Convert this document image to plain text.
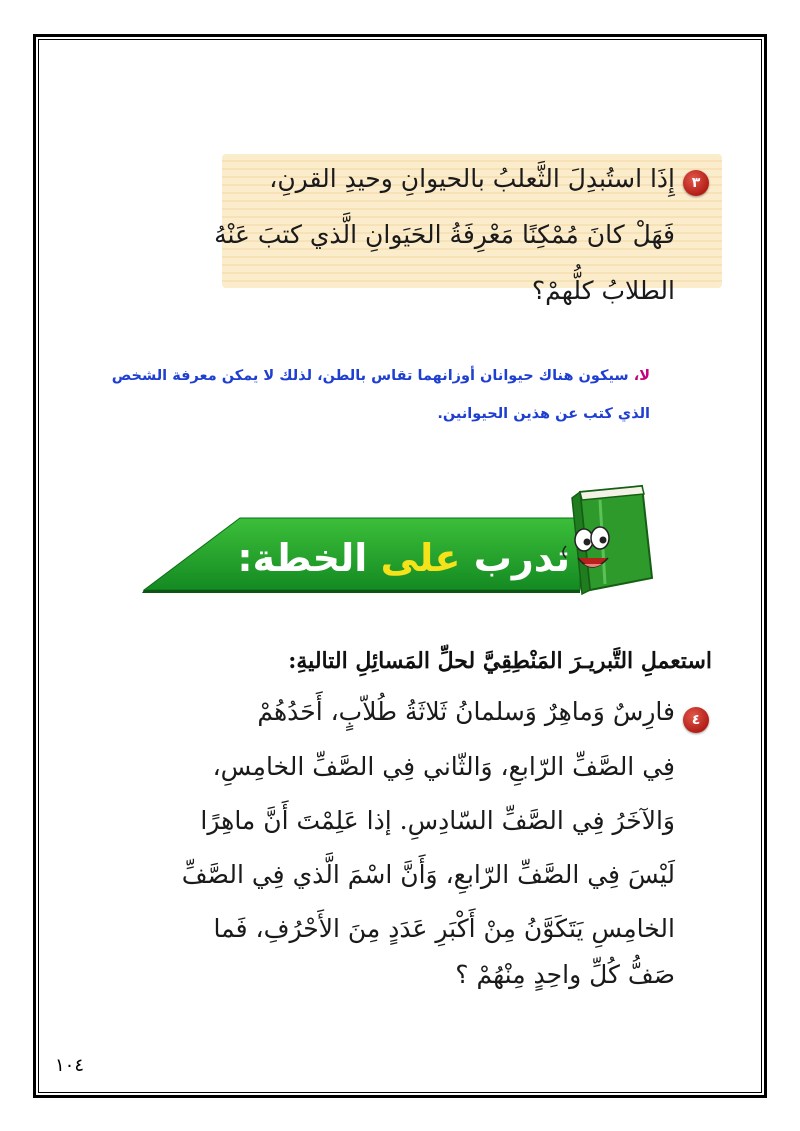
٣
إِذَا استُبدِلَ الثَّعلبُ بالحيوانِ وحيدِ القرنِ،
فَهَلْ كانَ مُمْكِنًا مَعْرِفَةُ الحَيَوانِ الَّذي كتبَ عَنْهُ
الطلابُ كلُّهمْ؟
لا، سيكون هناك حيوانان أوزانهما تقاس بالطن، لذلك لا يمكن معرفة الشخص
الذي كتب عن هذين الحيوانين.
تدرب على الخطة:
استعملِ التَّبريـرَ المَنْطِقِيَّ لحلِّ المَسائِلِ التاليةِ:
٤
فارِسٌ وَماهِرٌ وَسلمانُ ثَلاثَةُ طُلاّبٍ، أَحَدُهُمْ
فِي الصَّفِّ الرّابعِ، وَالثّاني فِي الصَّفِّ الخامِسِ،
وَالآخَرُ فِي الصَّفِّ السّادِسِ. إذا عَلِمْتَ أَنَّ ماهِرًا
لَيْسَ فِي الصَّفِّ الرّابعِ، وَأَنَّ اسْمَ الَّذي فِي الصَّفِّ
الخامِسِ يَتَكَوَّنُ مِنْ أَكْبَرِ عَدَدٍ مِنَ الأَحْرُفِ، فَما
صَفُّ كُلِّ واحِدٍ مِنْهُمْ ؟
١٠٤
